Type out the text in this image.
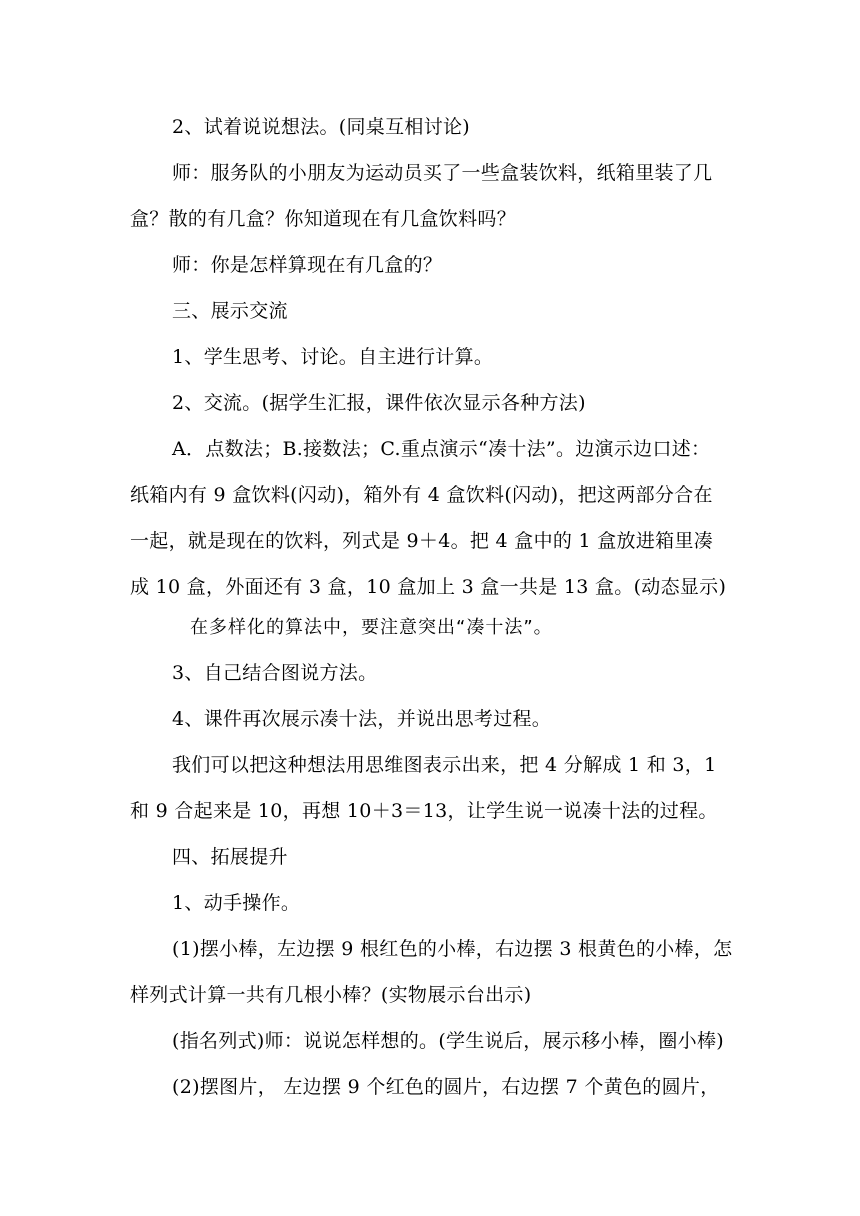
2、试着说说想法。(同桌互相讨论)
师：服务队的小朋友为运动员买了一些盒装饮料，纸箱里装了几
盒？散的有几盒？你知道现在有几盒饮料吗？
师：你是怎样算现在有几盒的？
三、展示交流
1、学生思考、讨论。自主进行计算。
2、交流。(据学生汇报，课件依次显示各种方法)
A．点数法；B.接数法；C.重点演示“凑十法”。边演示边口述：
纸箱内有 9 盒饮料(闪动)，箱外有 4 盒饮料(闪动)，把这两部分合在
一起，就是现在的饮料，列式是 9＋4。把 4 盒中的 1 盒放进箱里凑
成 10 盒，外面还有 3 盒，10 盒加上 3 盒一共是 13 盒。(动态显示)
在多样化的算法中，要注意突出“凑十法”。
3、自己结合图说方法。
4、课件再次展示凑十法，并说出思考过程。
我们可以把这种想法用思维图表示出来，把 4 分解成 1 和 3，1
和 9 合起来是 10，再想 10＋3＝13，让学生说一说凑十法的过程。
四、拓展提升
1、动手操作。
(1)摆小棒，左边摆 9 根红色的小棒，右边摆 3 根黄色的小棒，怎
样列式计算一共有几根小棒？(实物展示台出示)
(指名列式)师：说说怎样想的。(学生说后，展示移小棒，圈小棒)
(2)摆图片， 左边摆 9 个红色的圆片，右边摆 7 个黄色的圆片，
